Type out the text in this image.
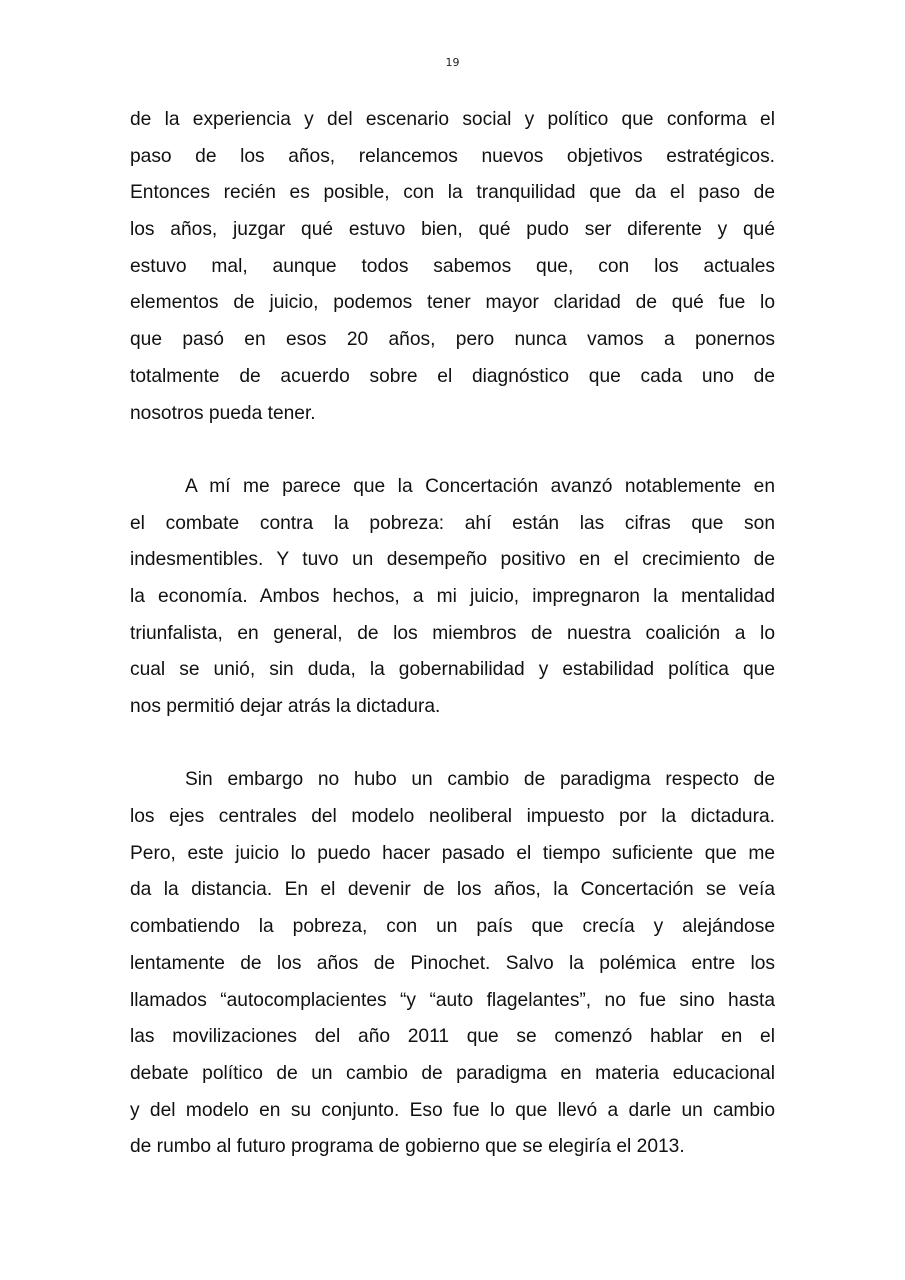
19
de la experiencia y del escenario social y político que conforma el
paso de los años, relancemos nuevos objetivos estratégicos.
Entonces recién es posible, con la tranquilidad que da el paso de
los años, juzgar qué estuvo bien, qué pudo ser diferente y qué
estuvo mal, aunque todos sabemos que, con los actuales
elementos de juicio, podemos tener mayor claridad de qué fue lo
que pasó en esos 20 años, pero nunca vamos a ponernos
totalmente de acuerdo sobre el diagnóstico que cada uno de
nosotros pueda tener.
A mí me parece que la Concertación avanzó notablemente en
el combate contra la pobreza: ahí están las cifras que son
indesmentibles. Y tuvo un desempeño positivo en el crecimiento de
la economía. Ambos hechos, a mi juicio, impregnaron la mentalidad
triunfalista, en general, de los miembros de nuestra coalición a lo
cual se unió, sin duda, la gobernabilidad y estabilidad política que
nos permitió dejar atrás la dictadura.
Sin embargo no hubo un cambio de paradigma respecto de
los ejes centrales del modelo neoliberal impuesto por la dictadura.
Pero, este juicio lo puedo hacer pasado el tiempo suficiente que me
da la distancia. En el devenir de los años, la Concertación se veía
combatiendo la pobreza, con un país que crecía y alejándose
lentamente de los años de Pinochet. Salvo la polémica entre los
llamados “autocomplacientes “y “auto flagelantes”, no fue sino hasta
las movilizaciones del año 2011 que se comenzó hablar en el
debate político de un cambio de paradigma en materia educacional
y del modelo en su conjunto. Eso fue lo que llevó a darle un cambio
de rumbo al futuro programa de gobierno que se elegiría el 2013.
